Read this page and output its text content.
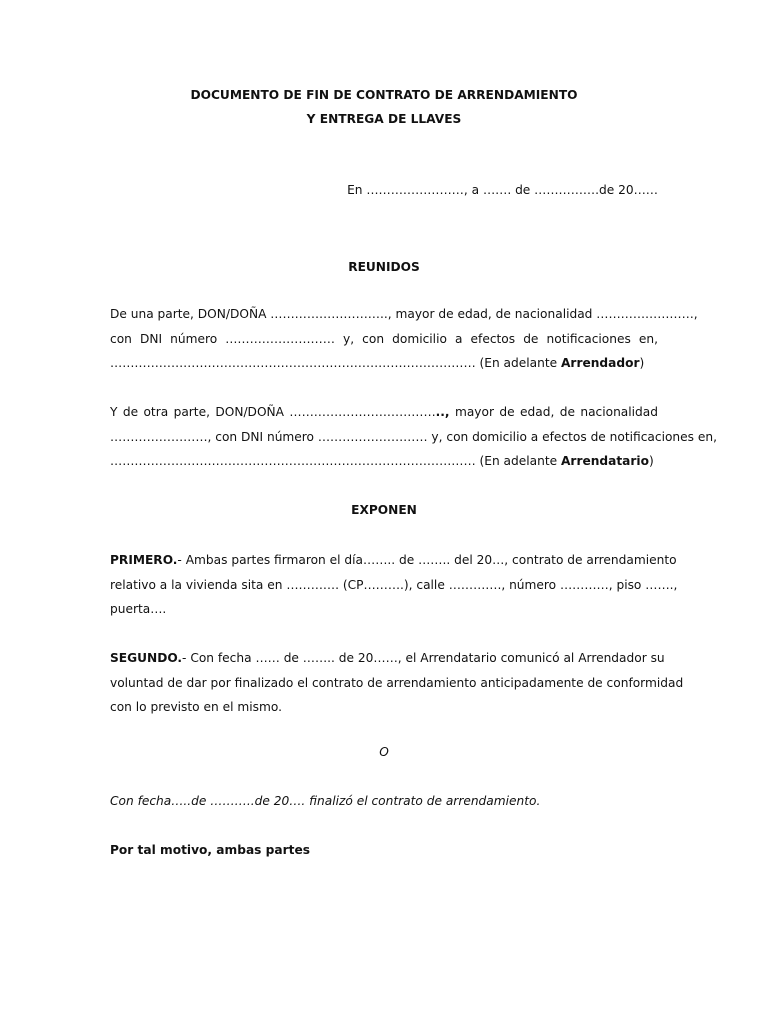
DOCUMENTO DE FIN DE CONTRATO DE ARRENDAMIENTO
Y ENTREGA DE LLAVES
En ……………………, a ……. de …………….de 20……
REUNIDOS
De una parte, DON/DOÑA ……………………….., mayor de edad, de nacionalidad ……………………,
con DNI número ……………………… y, con domicilio a efectos de notificaciones en,
……………………………………………………………………………… (En adelante Arrendador)
Y de otra parte, DON/DOÑA ……………………………….., mayor de edad, de nacionalidad
……………………, con DNI número ……………………… y, con domicilio a efectos de notificaciones en,
……………………………………………………………………………… (En adelante Arrendatario)
EXPONEN
PRIMERO.- Ambas partes firmaron el día…….. de …….. del 20…, contrato de arrendamiento
relativo a la vivienda sita en …………. (CP……….), calle …………., número …………, piso …….,
puerta….
SEGUNDO.- Con fecha …… de …….. de 20……, el Arrendatario comunicó al Arrendador su
voluntad de dar por finalizado el contrato de arrendamiento anticipadamente de conformidad
con lo previsto en el mismo.
O
Con fecha…..de ………..de 20…. finalizó el contrato de arrendamiento.
Por tal motivo, ambas partes
